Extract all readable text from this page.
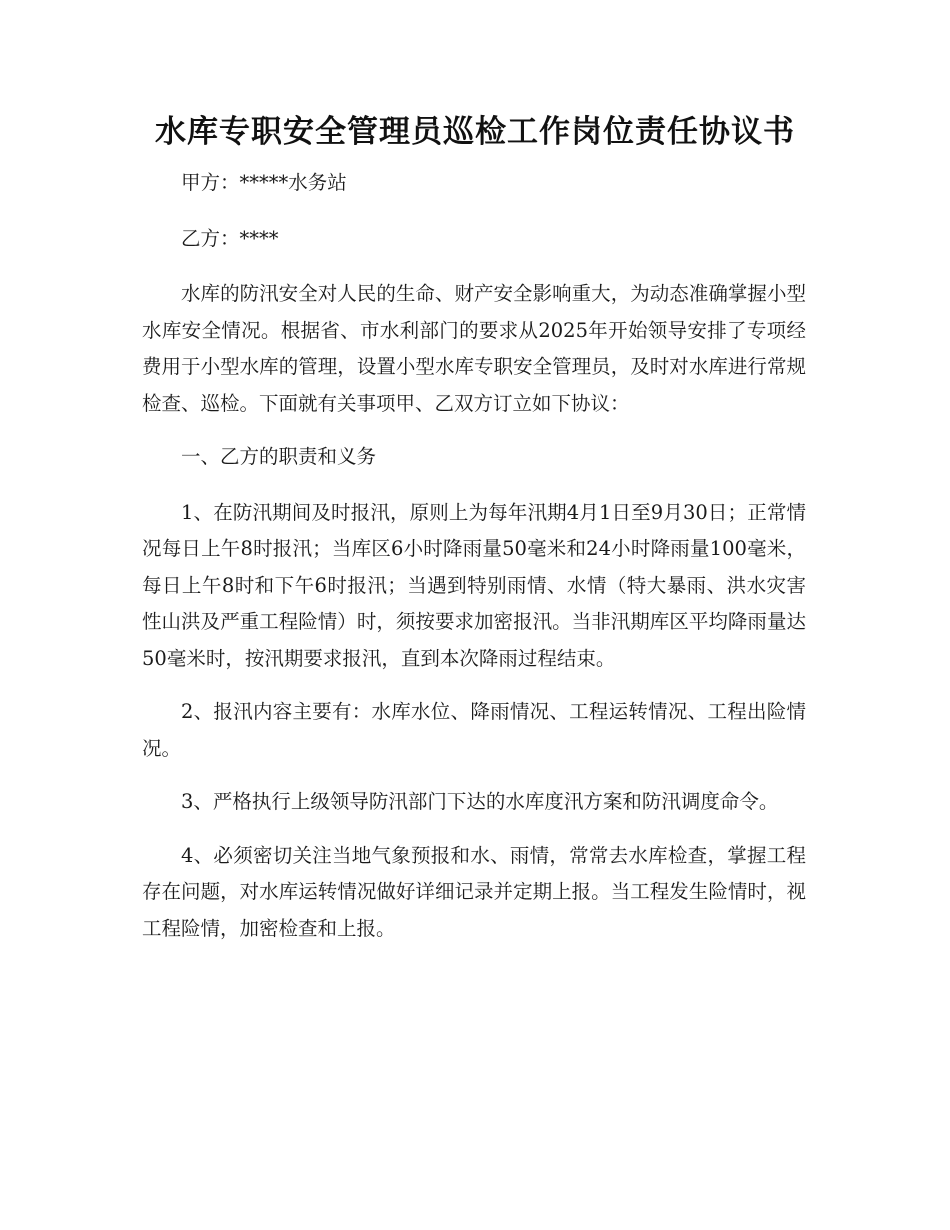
水库专职安全管理员巡检工作岗位责任协议书

甲方：*****水务站

乙方：****

水库的防汛安全对人民的生命、财产安全影响重大，为动态准确掌握小型水库安全情况。根据省、市水利部门的要求从2025年开始领导安排了专项经费用于小型水库的管理，设置小型水库专职安全管理员，及时对水库进行常规检查、巡检。下面就有关事项甲、乙双方订立如下协议：

一、乙方的职责和义务

1、在防汛期间及时报汛，原则上为每年汛期4月1日至9月30日；正常情况每日上午8时报汛；当库区6小时降雨量50毫米和24小时降雨量100毫米，每日上午8时和下午6时报汛；当遇到特别雨情、水情（特大暴雨、洪水灾害性山洪及严重工程险情）时，须按要求加密报汛。当非汛期库区平均降雨量达50毫米时，按汛期要求报汛，直到本次降雨过程结束。

2、报汛内容主要有：水库水位、降雨情况、工程运转情况、工程出险情况。

3、严格执行上级领导防汛部门下达的水库度汛方案和防汛调度命令。

4、必须密切关注当地气象预报和水、雨情，常常去水库检查，掌握工程存在问题，对水库运转情况做好详细记录并定期上报。当工程发生险情时，视工程险情，加密检查和上报。
